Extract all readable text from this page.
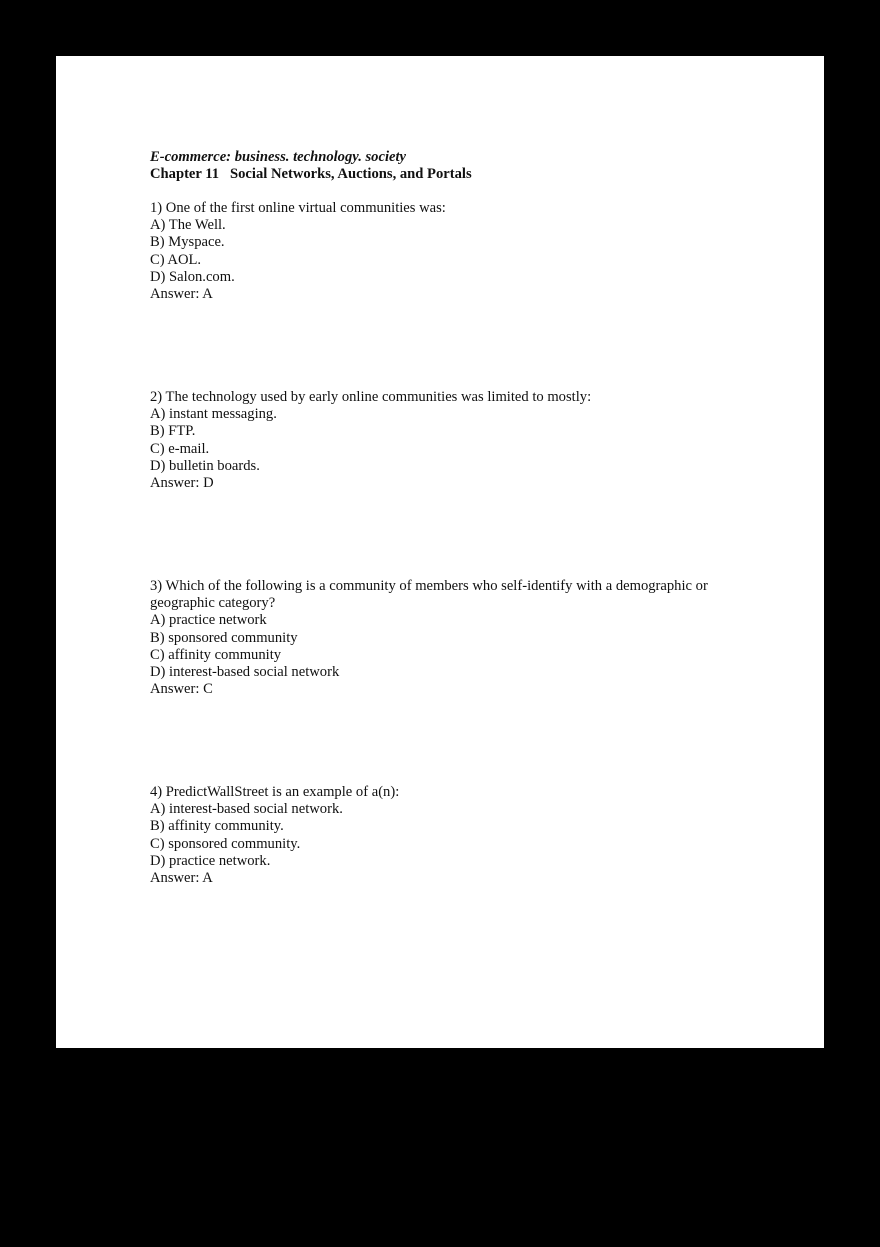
E-commerce: business. technology. society
Chapter 11   Social Networks, Auctions, and Portals
1) One of the first online virtual communities was:
A) The Well.
B) Myspace.
C) AOL.
D) Salon.com.
Answer: A
2) The technology used by early online communities was limited to mostly:
A) instant messaging.
B) FTP.
C) e-mail.
D) bulletin boards.
Answer: D
3) Which of the following is a community of members who self-identify with a demographic or geographic category?
A) practice network
B) sponsored community
C) affinity community
D) interest-based social network
Answer: C
4) PredictWallStreet is an example of a(n):
A) interest-based social network.
B) affinity community.
C) sponsored community.
D) practice network.
Answer: A
